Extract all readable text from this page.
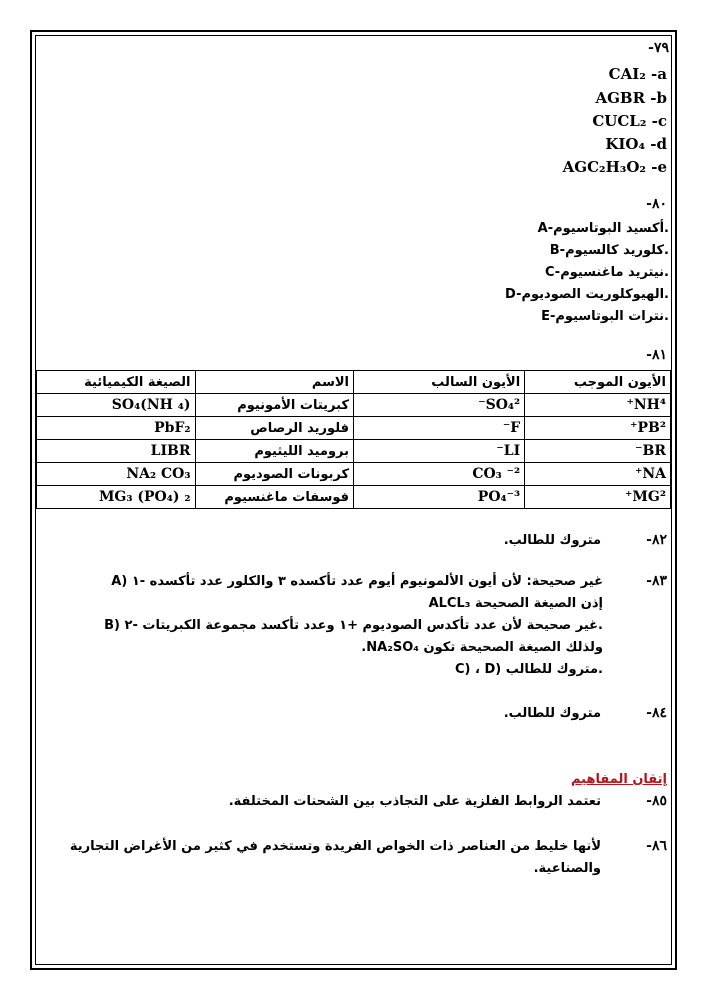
-٧٩
CAI₂ -a
AGBR -b
CUCL₂ -c
KIO₄ -d
AGC₂H₃O₂ -e
-٨٠
A-أكسيد البوتاسيوم.
B-كلوريد كالسيوم.
C-نيتريد ماغنسيوم.
D-الهيوكلوريت الصوديوم.
E-نترات البوتاسيوم.
-٨١
الأيون الموجب	الأيون السالب	الاسم	الصيغة الكيميائية
NH⁴⁺	SO₄²⁻	كبريتات الأمونيوم	(NH ₄)SO₄
PB²⁺	F⁻	فلوريد الرصاص	PbF₂
BR⁻	LI⁻	بروميد الليثيوم	LIBR
NA⁺	CO₃ ⁻²	كربونات الصوديوم	NA₂ CO₃
MG²⁺	PO₄⁻³	فوسفات ماغنسيوم	MG₃ (PO₄) ₂
-٨٢
متروك للطالب.
-٨٣
A) غير صحيحة: لأن أيون الألمونيوم أيوم عدد تأكسده ٣ والكلور عدد تأكسده -١
إذن الصيغة الصحيحة ALCL₃
B) غير صحيحة لأن عدد تأكدس الصوديوم +١ وعدد تأكسد مجموعة الكبريتات -٢.
ولذلك الصيغة الصحيحة تكون NA₂SO₄.
C) ، D) متروك للطالب.
-٨٤
متروك للطالب.
إتقان المفاهيم
-٨٥
تعتمد الروابط الفلزية على التجاذب بين الشحنات المختلفة.
-٨٦
لأنها خليط من العناصر ذات الخواص الفريدة وتستخدم في كثير من الأغراض التجارية
والصناعية.
